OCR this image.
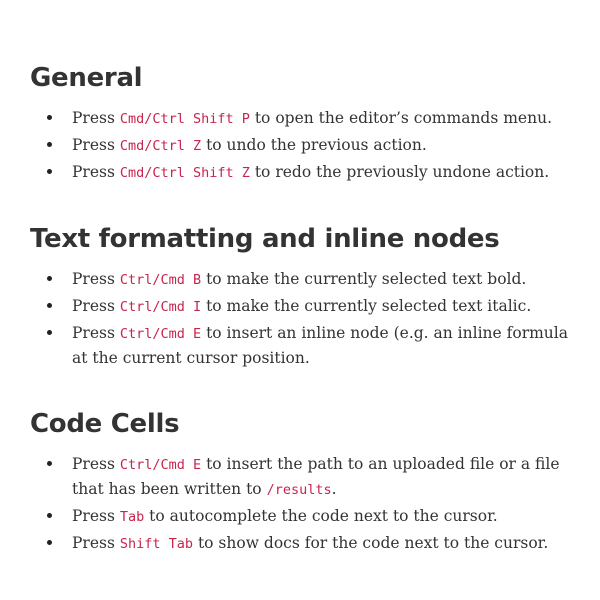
General
Press Cmd/Ctrl Shift P to open the editor’s commands menu.
Press Cmd/Ctrl Z to undo the previous action.
Press Cmd/Ctrl Shift Z to redo the previously undone action.
Text formatting and inline nodes
Press Ctrl/Cmd B to make the currently selected text bold.
Press Ctrl/Cmd I to make the currently selected text italic.
Press Ctrl/Cmd E to insert an inline node (e.g. an inline formula at the current cursor position.
Code Cells
Press Ctrl/Cmd E to insert the path to an uploaded file or a file that has been written to /results.
Press Tab to autocomplete the code next to the cursor.
Press Shift Tab to show docs for the code next to the cursor.
